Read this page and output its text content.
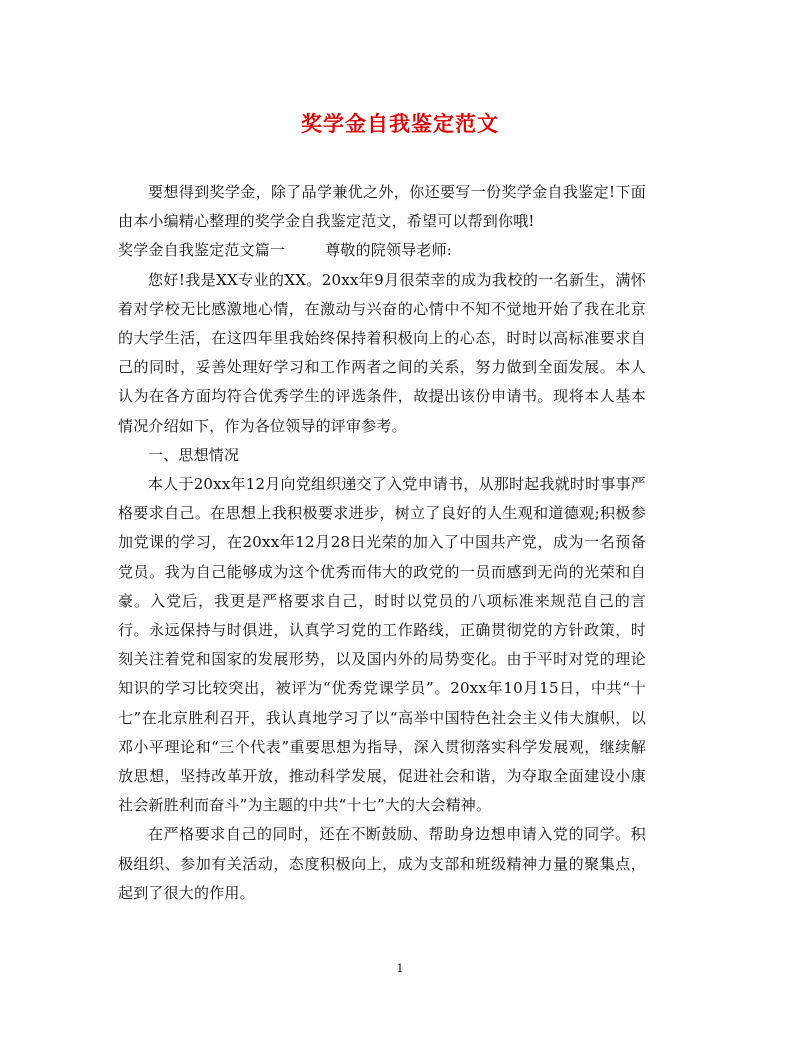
奖学金自我鉴定范文

要想得到奖学金，除了品学兼优之外，你还要写一份奖学金自我鉴定!下面由本小编精心整理的奖学金自我鉴定范文，希望可以帮到你哦!

奖学金自我鉴定范文篇一	尊敬的院领导老师:

您好!我是XX专业的XX。20xx年9月很荣幸的成为我校的一名新生，满怀着对学校无比感激地心情，在激动与兴奋的心情中不知不觉地开始了我在北京的大学生活，在这四年里我始终保持着积极向上的心态，时时以高标准要求自己的同时，妥善处理好学习和工作两者之间的关系，努力做到全面发展。本人认为在各方面均符合优秀学生的评选条件，故提出该份申请书。现将本人基本情况介绍如下，作为各位领导的评审参考。

一、思想情况

本人于20xx年12月向党组织递交了入党申请书，从那时起我就时时事事严格要求自己。在思想上我积极要求进步，树立了良好的人生观和道德观;积极参加党课的学习，在20xx年12月28日光荣的加入了中国共产党，成为一名预备党员。我为自己能够成为这个优秀而伟大的政党的一员而感到无尚的光荣和自豪。入党后，我更是严格要求自己，时时以党员的八项标准来规范自己的言行。永远保持与时俱进，认真学习党的工作路线，正确贯彻党的方针政策，时刻关注着党和国家的发展形势，以及国内外的局势变化。由于平时对党的理论知识的学习比较突出，被评为“优秀党课学员”。20xx年10月15日，中共“十七”在北京胜利召开，我认真地学习了以“高举中国特色社会主义伟大旗帜，以邓小平理论和“三个代表”重要思想为指导，深入贯彻落实科学发展观，继续解放思想，坚持改革开放，推动科学发展，促进社会和谐，为夺取全面建设小康社会新胜利而奋斗”为主题的中共“十七”大的大会精神。

在严格要求自己的同时，还在不断鼓励、帮助身边想申请入党的同学。积极组织、参加有关活动，态度积极向上，成为支部和班级精神力量的聚集点，起到了很大的作用。

1
